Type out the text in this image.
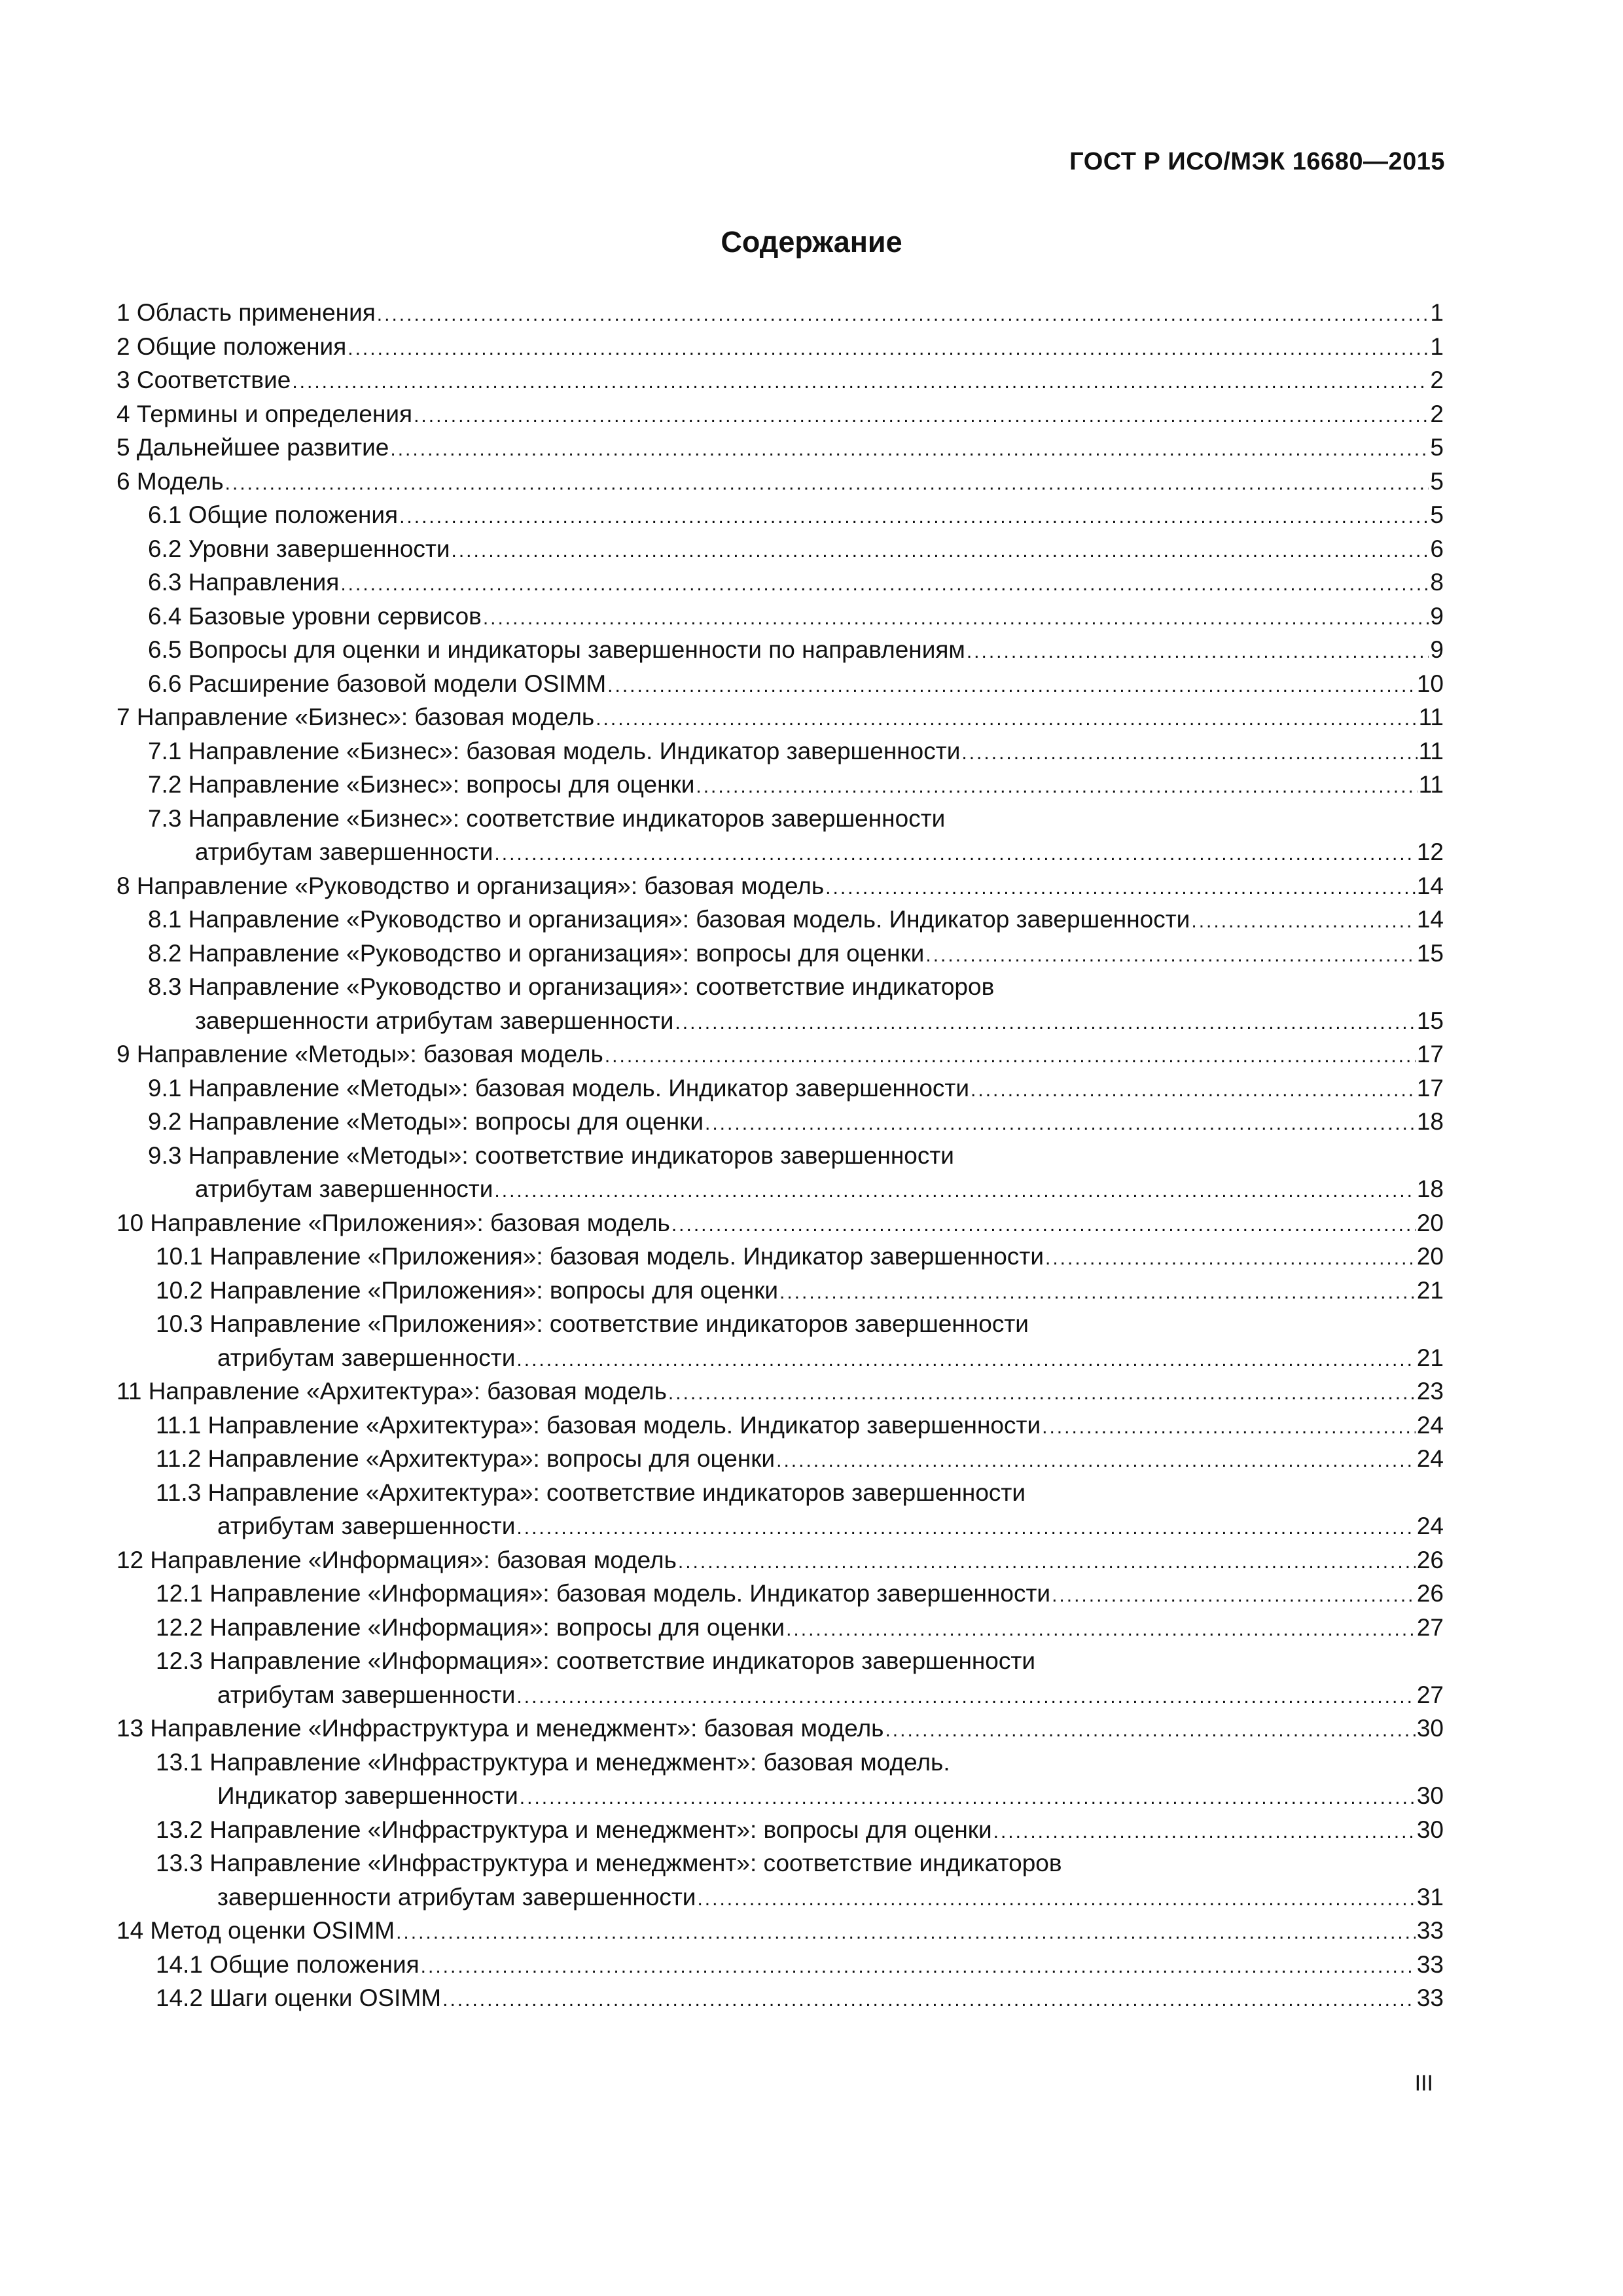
ГОСТ Р ИСО/МЭК 16680—2015
Содержание
1 Область применения .....	1
2 Общие положения .....	1
3 Соответствие .....	2
4 Термины и определения .....	2
5 Дальнейшее развитие .....	5
6 Модель .....	5
6.1 Общие положения .....	5
6.2 Уровни завершенности .....	6
6.3 Направления .....	8
6.4 Базовые уровни сервисов .....	9
6.5 Вопросы для оценки и индикаторы завершенности по направлениям .....	9
6.6 Расширение базовой модели OSIMM .....	10
7 Направление «Бизнес»: базовая модель .....	11
7.1 Направление «Бизнес»: базовая модель. Индикатор завершенности .....	11
7.2 Направление «Бизнес»: вопросы для оценки .....	11
7.3 Направление «Бизнес»: соответствие индикаторов завершенности
атрибутам завершенности .....	12
8 Направление «Руководство и организация»: базовая модель .....	14
8.1 Направление «Руководство и организация»: базовая модель. Индикатор завершенности .....	14
8.2 Направление «Руководство и организация»: вопросы для оценки .....	15
8.3 Направление «Руководство и организация»: соответствие индикаторов
завершенности атрибутам завершенности .....	15
9 Направление «Методы»: базовая модель .....	17
9.1 Направление «Методы»: базовая модель. Индикатор завершенности .....	17
9.2 Направление «Методы»: вопросы для оценки .....	18
9.3 Направление «Методы»: соответствие индикаторов завершенности
атрибутам завершенности .....	18
10 Направление «Приложения»: базовая модель .....	20
10.1 Направление «Приложения»: базовая модель. Индикатор завершенности .....	20
10.2 Направление «Приложения»: вопросы для оценки .....	21
10.3 Направление «Приложения»: соответствие индикаторов завершенности
атрибутам завершенности .....	21
11 Направление «Архитектура»: базовая модель .....	23
11.1 Направление «Архитектура»: базовая модель. Индикатор завершенности .....	24
11.2 Направление «Архитектура»: вопросы для оценки .....	24
11.3 Направление «Архитектура»: соответствие индикаторов завершенности
атрибутам завершенности .....	24
12 Направление «Информация»: базовая модель .....	26
12.1 Направление «Информация»: базовая модель. Индикатор завершенности .....	26
12.2 Направление «Информация»: вопросы для оценки .....	27
12.3 Направление «Информация»: соответствие индикаторов завершенности
атрибутам завершенности .....	27
13 Направление «Инфраструктура и менеджмент»: базовая модель .....	30
13.1 Направление «Инфраструктура и менеджмент»: базовая модель.
Индикатор завершенности .....	30
13.2 Направление «Инфраструктура и менеджмент»: вопросы для оценки .....	30
13.3 Направление «Инфраструктура и менеджмент»: соответствие индикаторов
завершенности атрибутам завершенности .....	31
14 Метод оценки OSIMM .....	33
14.1 Общие положения .....	33
14.2 Шаги оценки OSIMM .....	33
III
